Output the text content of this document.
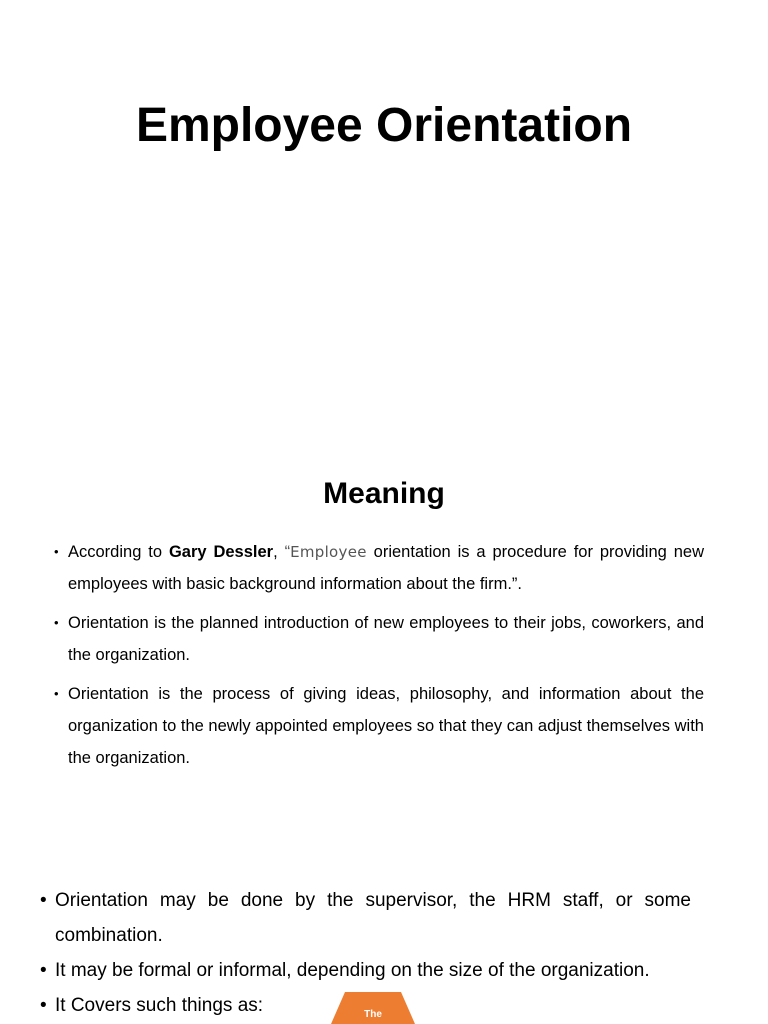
Employee Orientation
Meaning
• According to Gary Dessler, “Employee orientation is a procedure for providing new employees with basic background information about the firm.”.
• Orientation is the planned introduction of new employees to their jobs, coworkers, and the organization.
• Orientation is the process of giving ideas, philosophy, and information about the organization to the newly appointed employees so that they can adjust themselves with the organization.
• Orientation may be done by the supervisor, the HRM staff, or some combination.
• It may be formal or informal, depending on the size of the organization.
• It Covers such things as:	The
